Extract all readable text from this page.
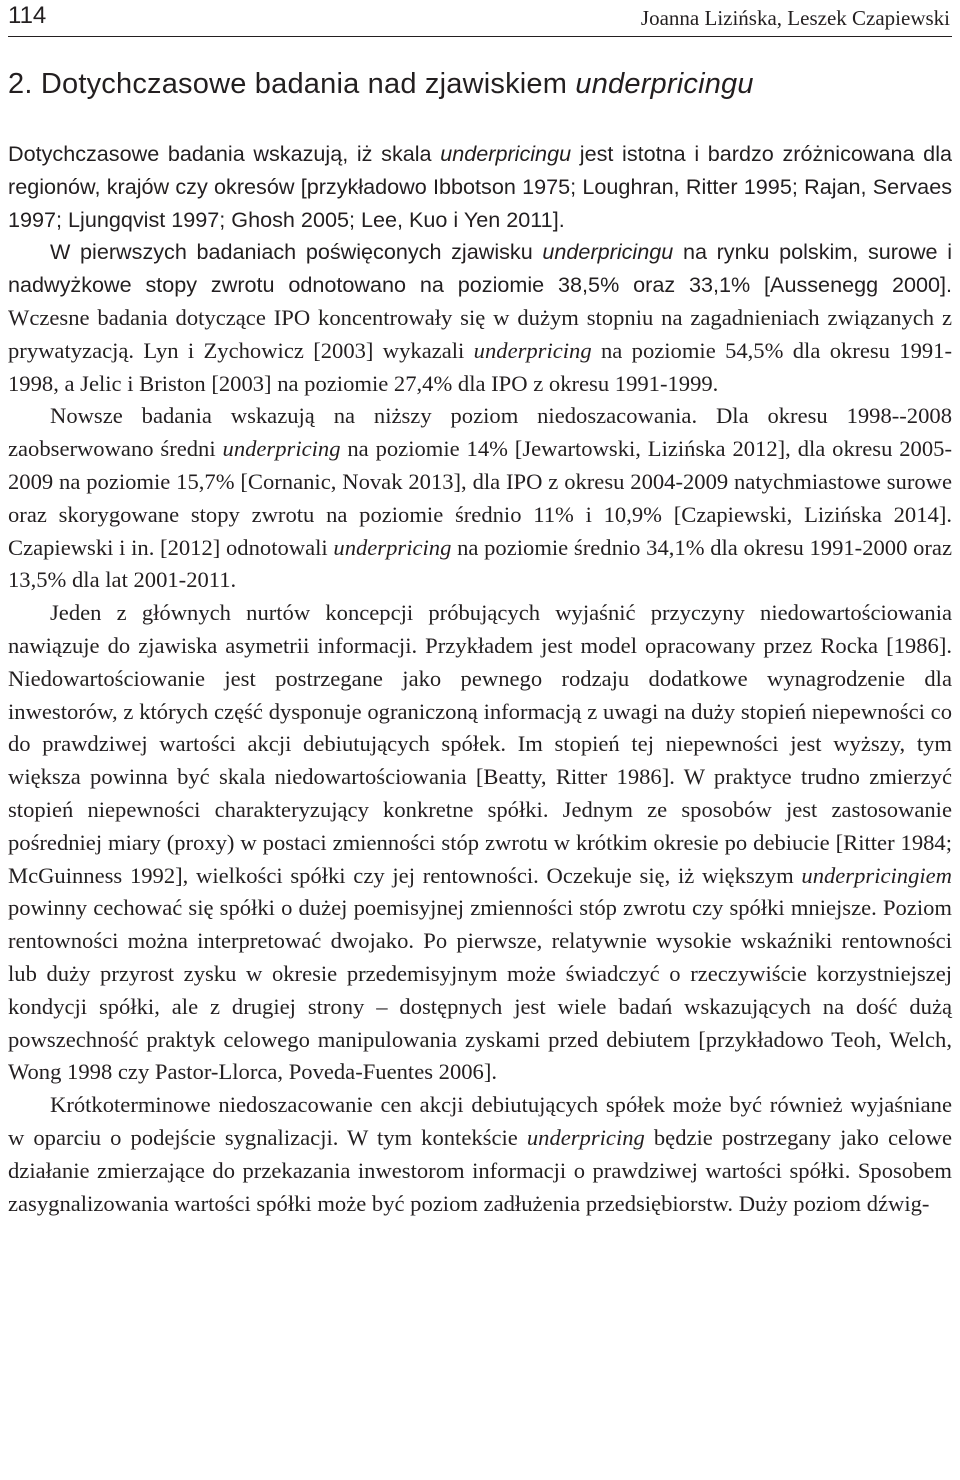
114	Joanna Lizińska, Leszek Czapiewski
2. Dotychczasowe badania nad zjawiskiem underpricingu

Dotychczasowe badania wskazują, iż skala underpricingu jest istotna i bardzo zróżnicowana dla regionów, krajów czy okresów [przykładowo Ibbotson 1975; Loughran, Ritter 1995; Rajan, Servaes 1997; Ljungqvist 1997; Ghosh 2005; Lee, Kuo i Yen 2011].

W pierwszych badaniach poświęconych zjawisku underpricingu na rynku polskim, surowe i nadwyżkowe stopy zwrotu odnotowano na poziomie 38,5% oraz 33,1% [Aussenegg 2000]. Wczesne badania dotyczące IPO koncentrowały się w dużym stopniu na zagadnieniach związanych z prywatyzacją. Lyn i Zychowicz [2003] wykazali underpricing na poziomie 54,5% dla okresu 1991-1998, a Jelic i Briston [2003] na poziomie 27,4% dla IPO z okresu 1991-1999.

Nowsze badania wskazują na niższy poziom niedoszacowania. Dla okresu 1998--2008 zaobserwowano średni underpricing na poziomie 14% [Jewartowski, Lizińska 2012], dla okresu 2005-2009 na poziomie 15,7% [Cornanic, Novak 2013], dla IPO z okresu 2004-2009 natychmiastowe surowe oraz skorygowane stopy zwrotu na poziomie średnio 11% i 10,9% [Czapiewski, Lizińska 2014]. Czapiewski i in. [2012] odnotowali underpricing na poziomie średnio 34,1% dla okresu 1991-2000 oraz 13,5% dla lat 2001-2011.

Jeden z głównych nurtów koncepcji próbujących wyjaśnić przyczyny niedowartościowania nawiązuje do zjawiska asymetrii informacji. Przykładem jest model opracowany przez Rocka [1986]. Niedowartościowanie jest postrzegane jako pewnego rodzaju dodatkowe wynagrodzenie dla inwestorów, z których część dysponuje ograniczoną informacją z uwagi na duży stopień niepewności co do prawdziwej wartości akcji debiutujących spółek. Im stopień tej niepewności jest wyższy, tym większa powinna być skala niedowartościowania [Beatty, Ritter 1986]. W praktyce trudno zmierzyć stopień niepewności charakteryzujący konkretne spółki. Jednym ze sposobów jest zastosowanie pośredniej miary (proxy) w postaci zmienności stóp zwrotu w krótkim okresie po debiucie [Ritter 1984; McGuinness 1992], wielkości spółki czy jej rentowności. Oczekuje się, iż większym underpricingiem powinny cechować się spółki o dużej poemisyjnej zmienności stóp zwrotu czy spółki mniejsze. Poziom rentowności można interpretować dwojako. Po pierwsze, relatywnie wysokie wskaźniki rentowności lub duży przyrost zysku w okresie przedemisyjnym może świadczyć o rzeczywiście korzystniejszej kondycji spółki, ale z drugiej strony – dostępnych jest wiele badań wskazujących na dość dużą powszechność praktyk celowego manipulowania zyskami przed debiutem [przykładowo Teoh, Welch, Wong 1998 czy Pastor-Llorca, Poveda-Fuentes 2006].

Krótkoterminowe niedoszacowanie cen akcji debiutujących spółek może być również wyjaśniane w oparciu o podejście sygnalizacji. W tym kontekście underpricing będzie postrzegany jako celowe działanie zmierzające do przekazania inwestorom informacji o prawdziwej wartości spółki. Sposobem zasygnalizowania wartości spółki może być poziom zadłużenia przedsiębiorstw. Duży poziom dźwig-
